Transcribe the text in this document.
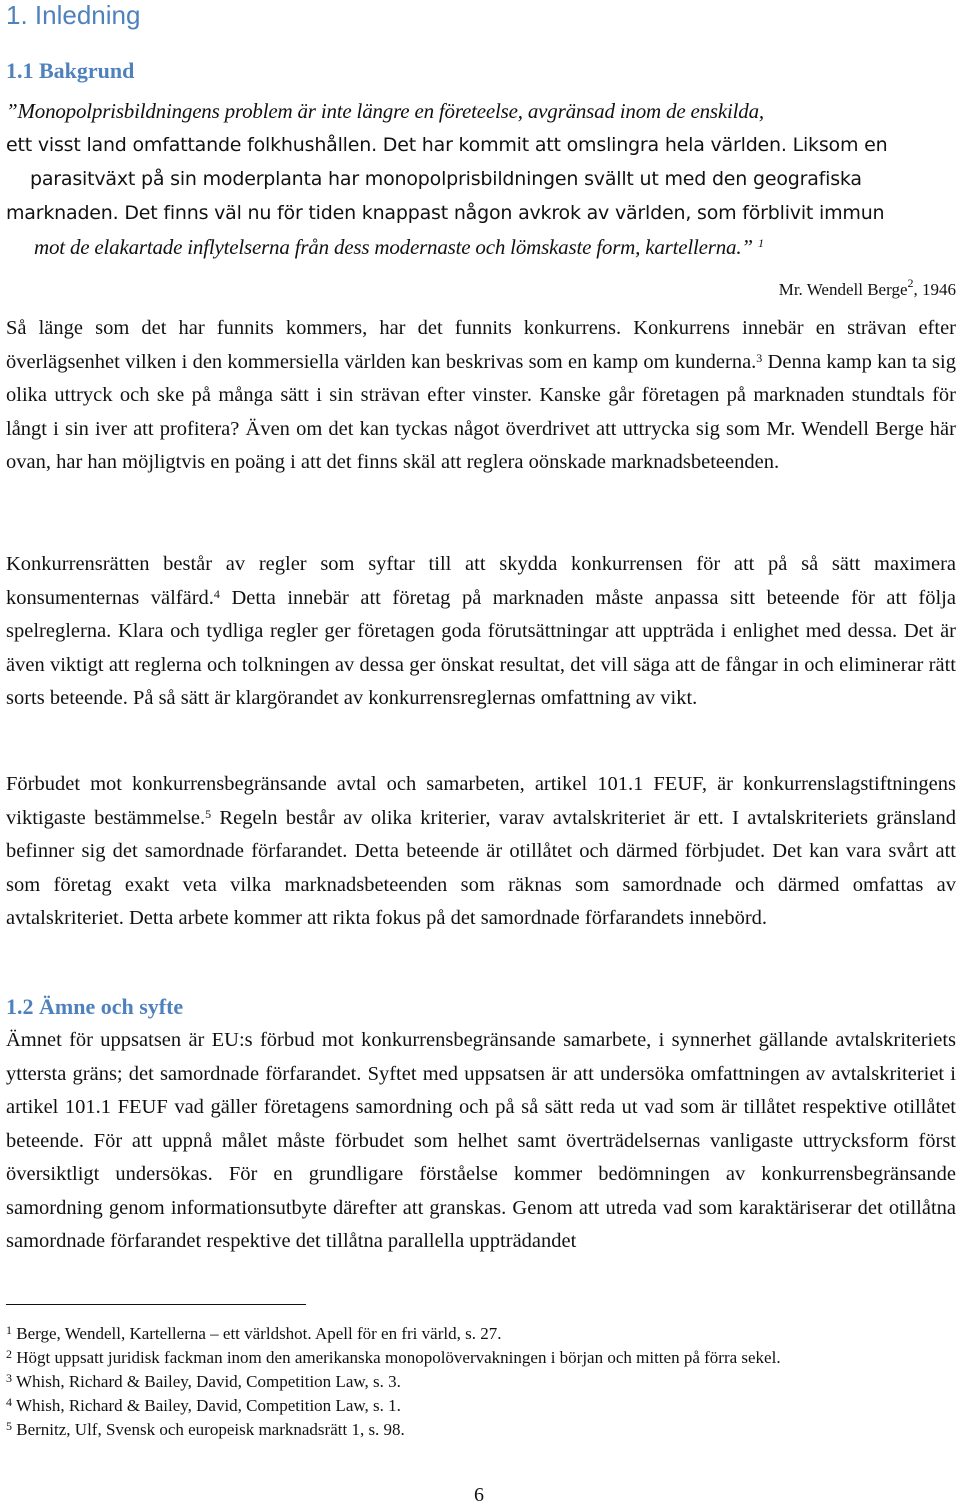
1. Inledning
1.1 Bakgrund
”Monopolprisbildningens problem är inte längre en företeelse, avgränsad inom de enskilda,
ett visst land omfattande folkhushållen. Det har kommit att omslingra hela världen. Liksom en
parasitväxt på sin moderplanta har monopolprisbildningen svällt ut med den geografiska
marknaden. Det finns väl nu för tiden knappast någon avkrok av världen, som förblivit immun
mot de elakartade inflytelserna från dess modernaste och lömskaste form, kartellerna.” $^1$
Mr. Wendell Berge$^2$, 1946

Så länge som det har funnits kommers, har det funnits konkurrens. Konkurrens innebär en strävan efter överlägsenhet vilken i den kommersiella världen kan beskrivas som en kamp om kunderna.$^3$ Denna kamp kan ta sig olika uttryck och ske på många sätt i sin strävan efter vinster. Kanske går företagen på marknaden stundtals för långt i sin iver att profitera? Även om det kan tyckas något överdrivet att uttrycka sig som Mr. Wendell Berge här ovan, har han möjligtvis en poäng i att det finns skäl att reglera oönskade marknadsbeteenden.

Konkurrensrätten består av regler som syftar till att skydda konkurrensen för att på så sätt maximera konsumenternas välfärd.$^4$ Detta innebär att företag på marknaden måste anpassa sitt beteende för att följa spelreglerna. Klara och tydliga regler ger företagen goda förutsättningar att uppträda i enlighet med dessa. Det är även viktigt att reglerna och tolkningen av dessa ger önskat resultat, det vill säga att de fångar in och eliminerar rätt sorts beteende. På så sätt är klargörandet av konkurrensreglernas omfattning av vikt.

Förbudet mot konkurrensbegränsande avtal och samarbeten, artikel 101.1 FEUF, är konkurrenslagstiftningens viktigaste bestämmelse.$^5$ Regeln består av olika kriterier, varav avtalskriteriet är ett. I avtalskriteriets gränsland befinner sig det samordnade förfarandet. Detta beteende är otillåtet och därmed förbjudet. Det kan vara svårt att som företag exakt veta vilka marknadsbeteenden som räknas som samordnade och därmed omfattas av avtalskriteriet. Detta arbete kommer att rikta fokus på det samordnade förfarandets innebörd.

1.2 Ämne och syfte

Ämnet för uppsatsen är EU:s förbud mot konkurrensbegränsande samarbete, i synnerhet gällande avtalskriteriets yttersta gräns; det samordnade förfarandet. Syftet med uppsatsen är att undersöka omfattningen av avtalskriteriet i artikel 101.1 FEUF vad gäller företagens samordning och på så sätt reda ut vad som är tillåtet respektive otillåtet beteende. För att uppnå målet måste förbudet som helhet samt överträdelsernas vanligaste uttrycksform först översiktligt undersökas. För en grundligare förståelse kommer bedömningen av konkurrensbegränsande samordning genom informationsutbyte därefter att granskas. Genom att utreda vad som karaktäriserar det otillåtna samordnade förfarandet respektive det tillåtna parallella uppträdandet

$^1$ Berge, Wendell, Kartellerna – ett världshot. Apell för en fri värld, s. 27.
$^2$ Högt uppsatt juridisk fackman inom den amerikanska monopolövervakningen i början och mitten på förra sekel.
$^3$ Whish, Richard & Bailey, David, Competition Law, s. 3.
$^4$ Whish, Richard & Bailey, David, Competition Law, s. 1.
$^5$ Bernitz, Ulf, Svensk och europeisk marknadsrätt 1, s. 98.
6
